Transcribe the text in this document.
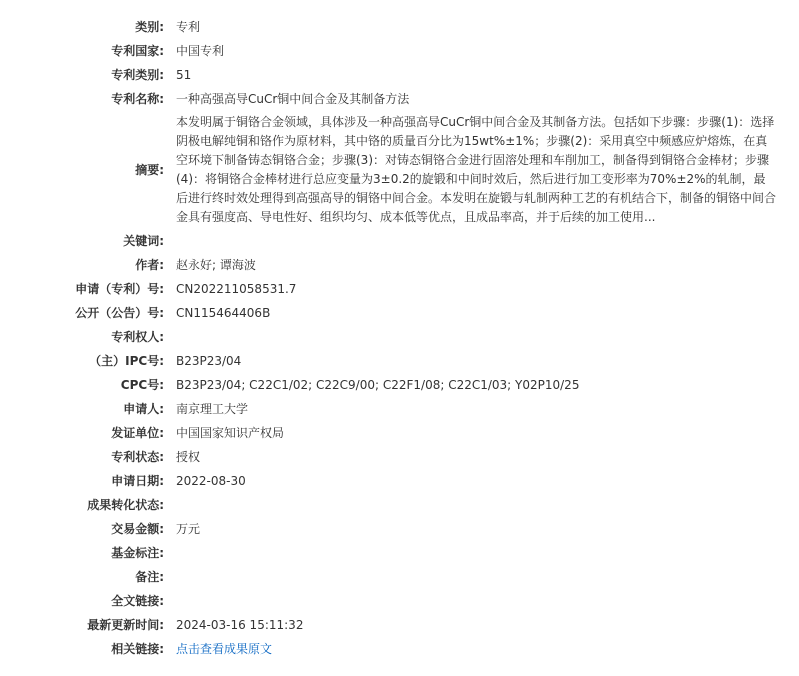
类别:	专利
专利国家:	中国专利
专利类别:	51
专利名称:	一种高强高导CuCr铜中间合金及其制备方法
摘要:
本发明属于铜铬合金领域，具体涉及一种高强高导CuCr铜中间合金及其制备方法。包括如下步骤：步骤(1)：选择阴极电解纯铜和铬作为原材料，其中铬的质量百分比为15wt%±1%；步骤(2)：采用真空中频感应炉熔炼，在真空环境下制备铸态铜铬合金；步骤(3)：对铸态铜铬合金进行固溶处理和车削加工，制备得到铜铬合金棒材；步骤(4)：将铜铬合金棒材进行总应变量为3±0.2的旋锻和中间时效后，然后进行加工变形率为70%±2%的轧制，最后进行终时效处理得到高强高导的铜铬中间合金。本发明在旋锻与轧制两种工艺的有机结合下，制备的铜铬中间合金具有强度高、导电性好、组织均匀、成本低等优点，且成品率高，并于后续的加工使用...
关键词:
作者:	赵永好; 谭海波
申请（专利）号:	CN202211058531.7
公开（公告）号:	CN115464406B
专利权人:
（主）IPC号:	B23P23/04
CPC号:	B23P23/04; C22C1/02; C22C9/00; C22F1/08; C22C1/03; Y02P10/25
申请人:	南京理工大学
发证单位:	中国国家知识产权局
专利状态:	授权
申请日期:	2022-08-30
成果转化状态:
交易金额:	万元
基金标注:
备注:
全文链接:
最新更新时间:	2024-03-16 15:11:32
相关链接:	点击查看成果原文
